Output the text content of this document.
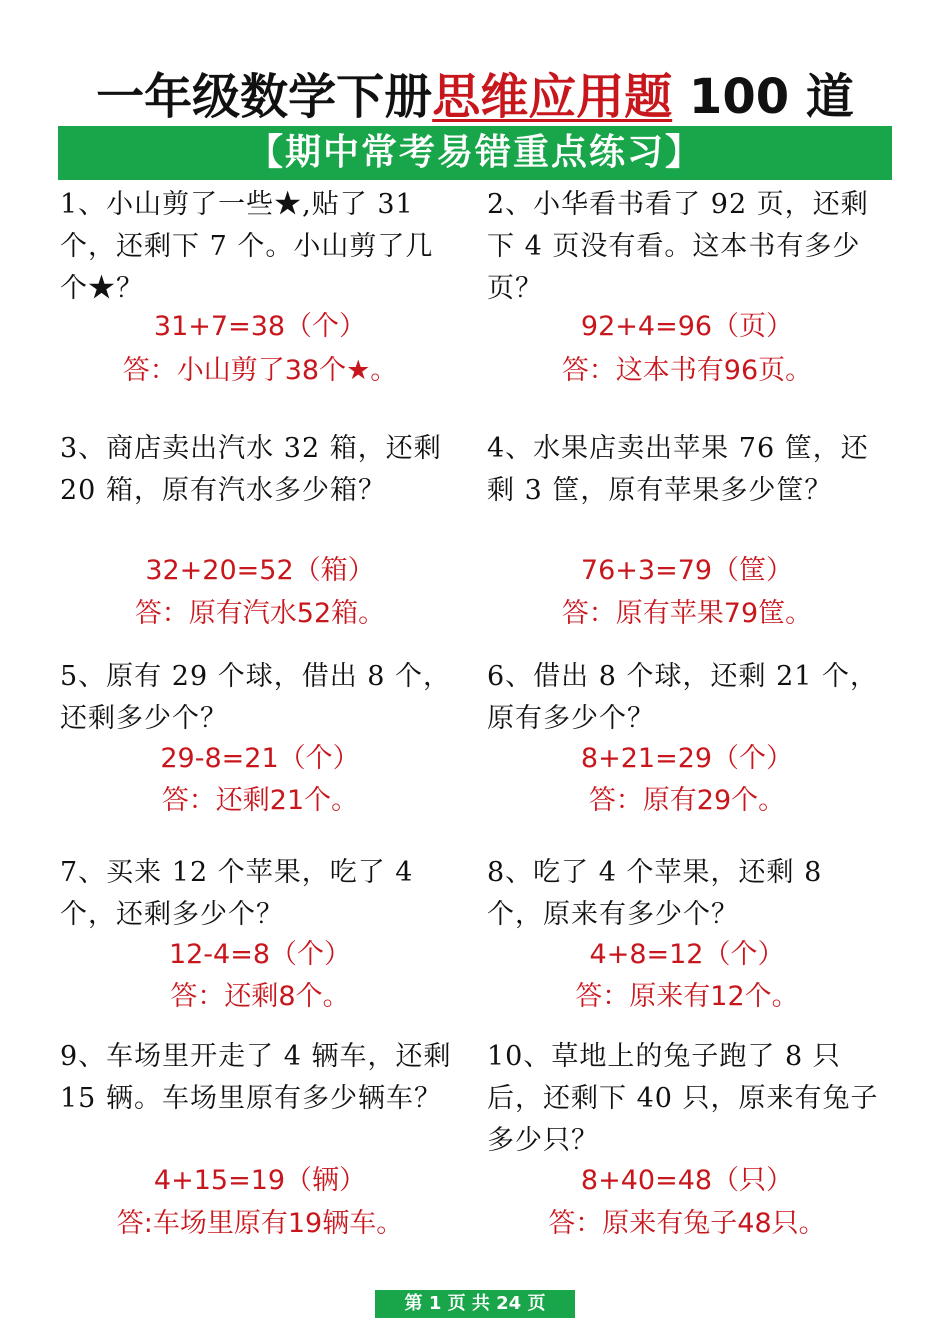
一年级数学下册思维应用题 100 道
【期中常考易错重点练习】
1、小山剪了一些★,贴了 31 个，还剩下 7 个。小山剪了几个★？
31+7=38（个）
答：小山剪了38个★。
2、小华看书看了 92 页，还剩下 4 页没有看。这本书有多少页？
92+4=96（页）
答：这本书有96页。
3、商店卖出汽水 32 箱，还剩 20 箱，原有汽水多少箱？
32+20=52（箱）
答：原有汽水52箱。
4、水果店卖出苹果 76 筐，还剩 3 筐，原有苹果多少筐？
76+3=79（筐）
答：原有苹果79筐。
5、原有 29 个球，借出 8 个，还剩多少个？
29-8=21（个）
答：还剩21个。
6、借出 8 个球，还剩 21 个，原有多少个？
8+21=29（个）
答：原有29个。
7、买来 12 个苹果，吃了 4 个，还剩多少个？
12-4=8（个）
答：还剩8个。
8、吃了 4 个苹果，还剩 8 个，原来有多少个？
4+8=12（个）
答：原来有12个。
9、车场里开走了 4 辆车，还剩 15 辆。车场里原有多少辆车？
4+15=19（辆）
答:车场里原有19辆车。
10、草地上的兔子跑了 8 只后，还剩下 40 只，原来有兔子多少只？
8+40=48（只）
答：原来有兔子48只。
第 1 页 共 24 页
